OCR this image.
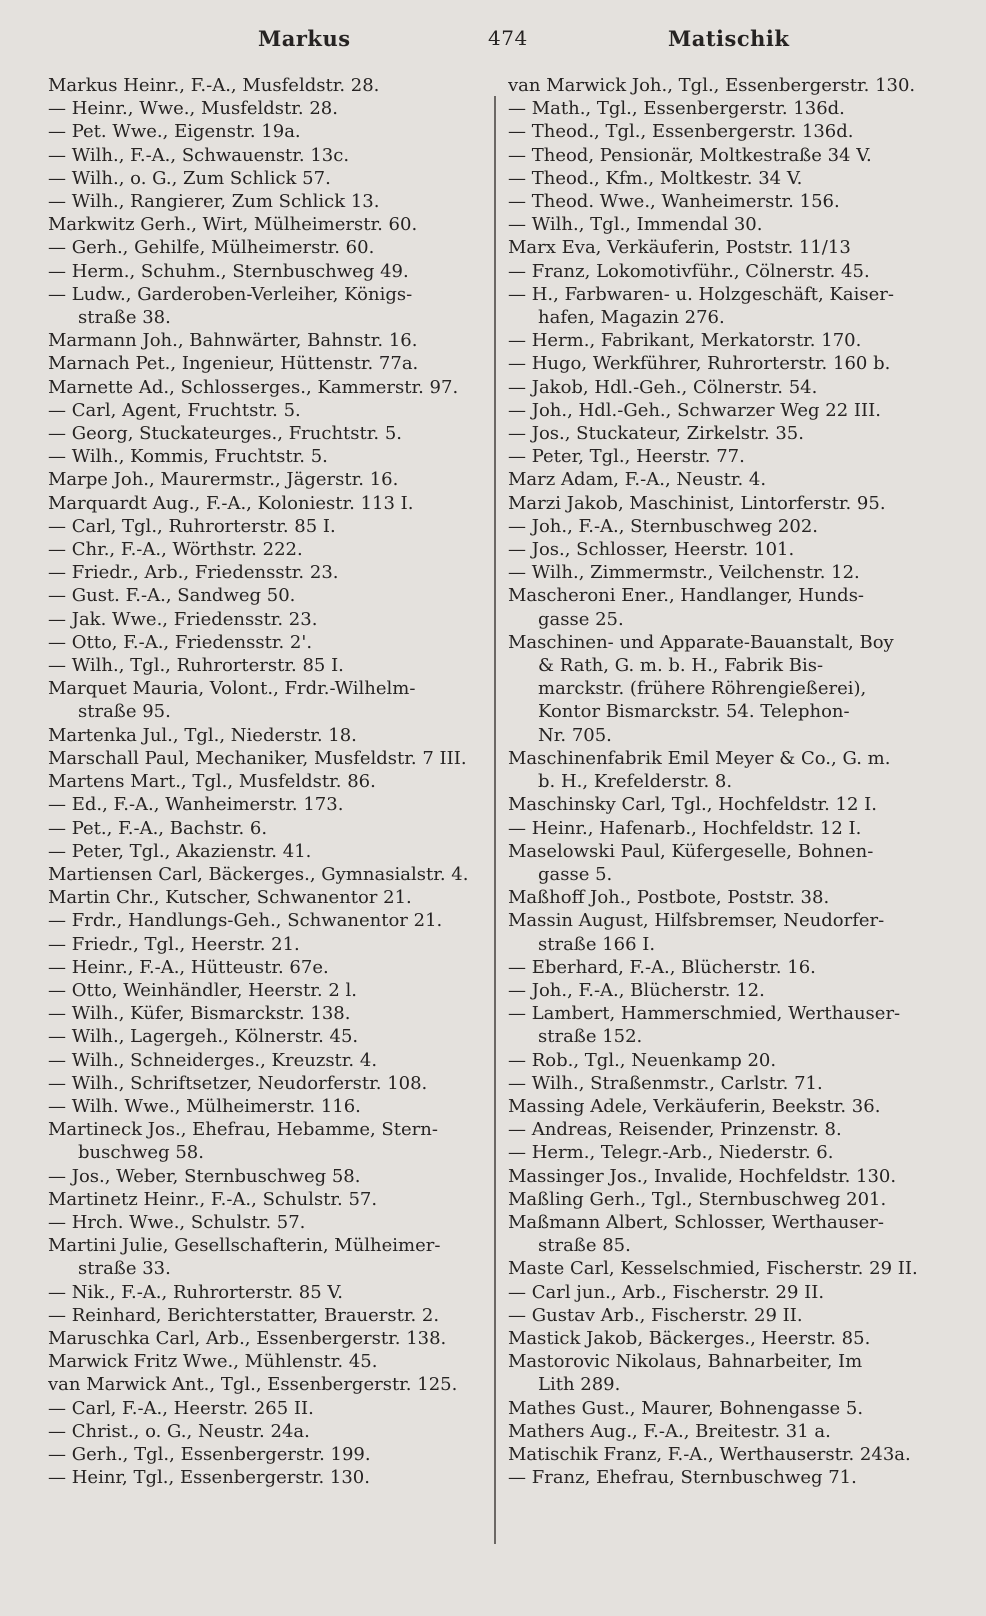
Markus	474	Matischik
Markus Heinr., F.-A., Musfeldstr. 28.
— Heinr., Wwe., Musfeldstr. 28.
— Pet. Wwe., Eigenstr. 19a.
— Wilh., F.-A., Schwauenstr. 13c.
— Wilh., o. G., Zum Schlick 57.
— Wilh., Rangierer, Zum Schlick 13.
Markwitz Gerh., Wirt, Mülheimerstr. 60.
— Gerh., Gehilfe, Mülheimerstr. 60.
— Herm., Schuhm., Sternbuschweg 49.
— Ludw., Garderoben-Verleiher, Königs-
straße 38.
Marmann Joh., Bahnwärter, Bahnstr. 16.
Marnach Pet., Ingenieur, Hüttenstr. 77a.
Marnette Ad., Schlosserges., Kammerstr. 97.
— Carl, Agent, Fruchtstr. 5.
— Georg, Stuckateurges., Fruchtstr. 5.
— Wilh., Kommis, Fruchtstr. 5.
Marpe Joh., Maurermstr., Jägerstr. 16.
Marquardt Aug., F.-A., Koloniestr. 113 I.
— Carl, Tgl., Ruhrorterstr. 85 I.
— Chr., F.-A., Wörthstr. 222.
— Friedr., Arb., Friedensstr. 23.
— Gust. F.-A., Sandweg 50.
— Jak. Wwe., Friedensstr. 23.
— Otto, F.-A., Friedensstr. 2'.
— Wilh., Tgl., Ruhrorterstr. 85 I.
Marquet Mauria, Volont., Frdr.-Wilhelm-
straße 95.
Martenka Jul., Tgl., Niederstr. 18.
Marschall Paul, Mechaniker, Musfeldstr. 7 III.
Martens Mart., Tgl., Musfeldstr. 86.
— Ed., F.-A., Wanheimerstr. 173.
— Pet., F.-A., Bachstr. 6.
— Peter, Tgl., Akazienstr. 41.
Martiensen Carl, Bäckerges., Gymnasialstr. 4.
Martin Chr., Kutscher, Schwanentor 21.
— Frdr., Handlungs-Geh., Schwanentor 21.
— Friedr., Tgl., Heerstr. 21.
— Heinr., F.-A., Hütteustr. 67e.
— Otto, Weinhändler, Heerstr. 2 l.
— Wilh., Küfer, Bismarckstr. 138.
— Wilh., Lagergeh., Kölnerstr. 45.
— Wilh., Schneiderges., Kreuzstr. 4.
— Wilh., Schriftsetzer, Neudorferstr. 108.
— Wilh. Wwe., Mülheimerstr. 116.
Martineck Jos., Ehefrau, Hebamme, Stern-
buschweg 58.
— Jos., Weber, Sternbuschweg 58.
Martinetz Heinr., F.-A., Schulstr. 57.
— Hrch. Wwe., Schulstr. 57.
Martini Julie, Gesellschafterin, Mülheimer-
straße 33.
— Nik., F.-A., Ruhrorterstr. 85 V.
— Reinhard, Berichterstatter, Brauerstr. 2.
Maruschka Carl, Arb., Essenbergerstr. 138.
Marwick Fritz Wwe., Mühlenstr. 45.
van Marwick Ant., Tgl., Essenbergerstr. 125.
— Carl, F.-A., Heerstr. 265 II.
— Christ., o. G., Neustr. 24a.
— Gerh., Tgl., Essenbergerstr. 199.
— Heinr, Tgl., Essenbergerstr. 130.
van Marwick Joh., Tgl., Essenbergerstr. 130.
— Math., Tgl., Essenbergerstr. 136d.
— Theod., Tgl., Essenbergerstr. 136d.
— Theod, Pensionär, Moltkestraße 34 V.
— Theod., Kfm., Moltkestr. 34 V.
— Theod. Wwe., Wanheimerstr. 156.
— Wilh., Tgl., Immendal 30.
Marx Eva, Verkäuferin, Poststr. 11/13
— Franz, Lokomotivführ., Cölnerstr. 45.
— H., Farbwaren- u. Holzgeschäft, Kaiser-
hafen, Magazin 276.
— Herm., Fabrikant, Merkatorstr. 170.
— Hugo, Werkführer, Ruhrorterstr. 160 b.
— Jakob, Hdl.-Geh., Cölnerstr. 54.
— Joh., Hdl.-Geh., Schwarzer Weg 22 III.
— Jos., Stuckateur, Zirkelstr. 35.
— Peter, Tgl., Heerstr. 77.
Marz Adam, F.-A., Neustr. 4.
Marzi Jakob, Maschinist, Lintorferstr. 95.
— Joh., F.-A., Sternbuschweg 202.
— Jos., Schlosser, Heerstr. 101.
— Wilh., Zimmermstr., Veilchenstr. 12.
Mascheroni Ener., Handlanger, Hunds-
gasse 25.
Maschinen- und Apparate-Bauanstalt, Boy
& Rath, G. m. b. H., Fabrik Bis-
marckstr. (frühere Röhrengießerei),
Kontor Bismarckstr. 54. Telephon-
Nr. 705.
Maschinenfabrik Emil Meyer & Co., G. m.
b. H., Krefelderstr. 8.
Maschinsky Carl, Tgl., Hochfeldstr. 12 I.
— Heinr., Hafenarb., Hochfeldstr. 12 I.
Maselowski Paul, Küfergeselle, Bohnen-
gasse 5.
Maßhoff Joh., Postbote, Poststr. 38.
Massin August, Hilfsbremser, Neudorfer-
straße 166 I.
— Eberhard, F.-A., Blücherstr. 16.
— Joh., F.-A., Blücherstr. 12.
— Lambert, Hammerschmied, Werthauser-
straße 152.
— Rob., Tgl., Neuenkamp 20.
— Wilh., Straßenmstr., Carlstr. 71.
Massing Adele, Verkäuferin, Beekstr. 36.
— Andreas, Reisender, Prinzenstr. 8.
— Herm., Telegr.-Arb., Niederstr. 6.
Massinger Jos., Invalide, Hochfeldstr. 130.
Maßling Gerh., Tgl., Sternbuschweg 201.
Maßmann Albert, Schlosser, Werthauser-
straße 85.
Maste Carl, Kesselschmied, Fischerstr. 29 II.
— Carl jun., Arb., Fischerstr. 29 II.
— Gustav Arb., Fischerstr. 29 II.
Mastick Jakob, Bäckerges., Heerstr. 85.
Mastorovic Nikolaus, Bahnarbeiter, Im
Lith 289.
Mathes Gust., Maurer, Bohnengasse 5.
Mathers Aug., F.-A., Breitestr. 31 a.
Matischik Franz, F.-A., Werthauserstr. 243a.
— Franz, Ehefrau, Sternbuschweg 71.
